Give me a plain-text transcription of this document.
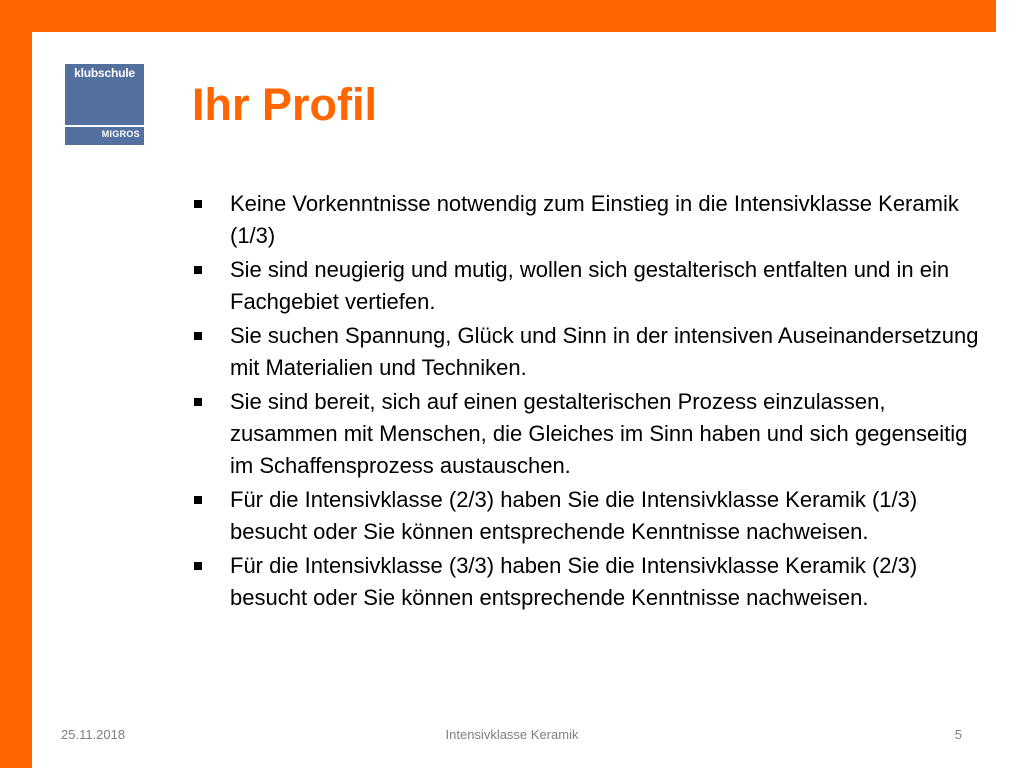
klubschule
MIGROS
Ihr Profil
Keine Vorkenntnisse notwendig zum Einstieg in die Intensivklasse Keramik (1/3)
Sie sind neugierig und mutig, wollen sich gestalterisch entfalten und in ein Fachgebiet vertiefen.
Sie suchen Spannung, Glück und Sinn in der intensiven Auseinandersetzung mit Materialien und Techniken.
Sie sind bereit, sich auf einen gestalterischen Prozess einzulassen, zusammen mit Menschen, die Gleiches im Sinn haben und sich gegenseitig im Schaffensprozess austauschen.
Für die Intensivklasse (2/3) haben Sie die Intensivklasse Keramik (1/3) besucht oder Sie können entsprechende Kenntnisse nachweisen.
Für die Intensivklasse (3/3) haben Sie die Intensivklasse Keramik (2/3) besucht oder Sie können entsprechende Kenntnisse nachweisen.
25.11.2018	Intensivklasse Keramik	5
